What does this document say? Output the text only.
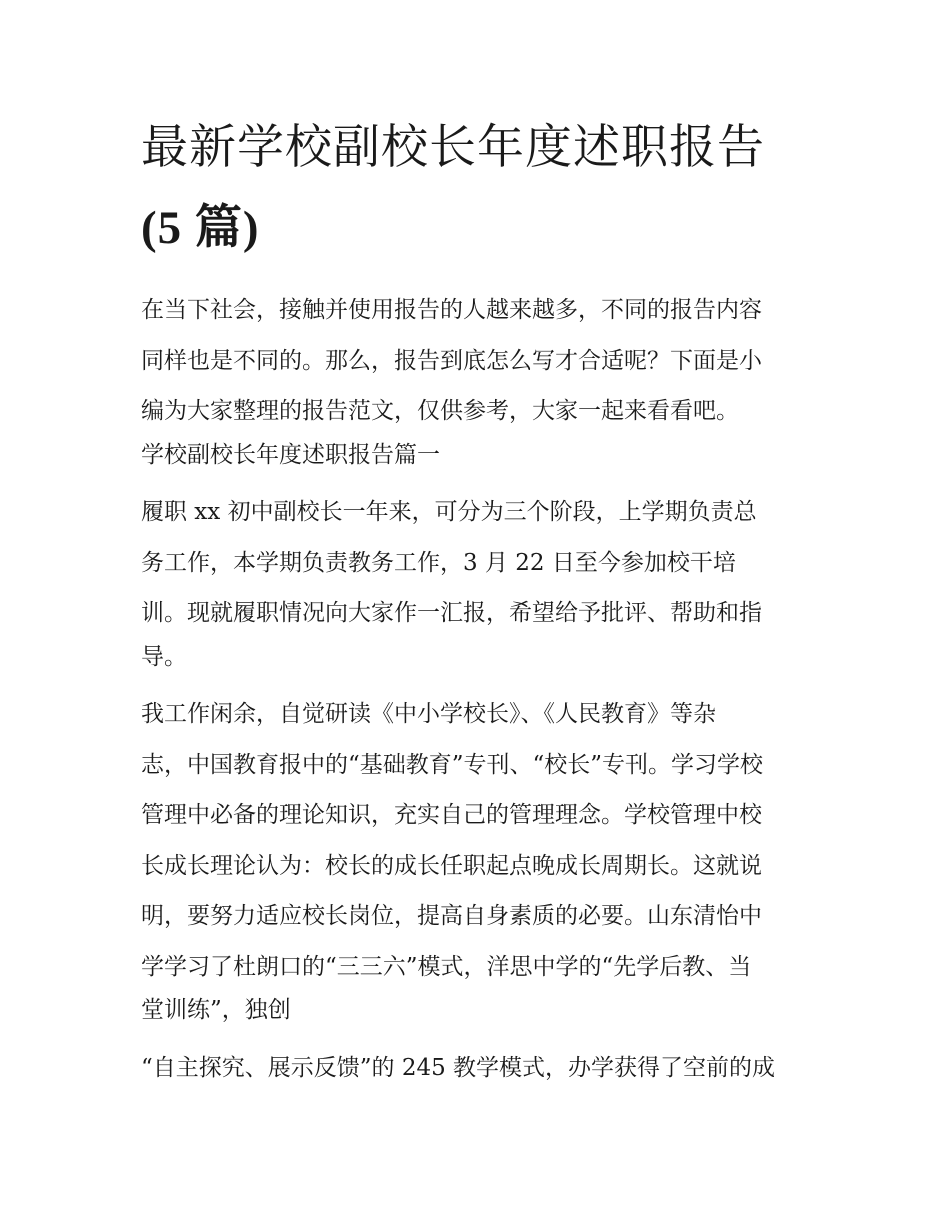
最新学校副校长年度述职报告
(5 篇)
在当下社会，接触并使用报告的人越来越多，不同的报告内容
同样也是不同的。那么，报告到底怎么写才合适呢？下面是小
编为大家整理的报告范文，仅供参考，大家一起来看看吧。
学校副校长年度述职报告篇一
履职 xx 初中副校长一年来，可分为三个阶段，上学期负责总
务工作，本学期负责教务工作，3 月 22 日至今参加校干培
训。现就履职情况向大家作一汇报，希望给予批评、帮助和指
导。
我工作闲余，自觉研读《中小学校长》、《人民教育》等杂
志，中国教育报中的“基础教育”专刊、“校长”专刊。学习学校
管理中必备的理论知识，充实自己的管理理念。学校管理中校
长成长理论认为：校长的成长任职起点晚成长周期长。这就说
明，要努力适应校长岗位，提高自身素质的必要。山东清怡中
学学习了杜朗口的“三三六”模式，洋思中学的“先学后教、当
堂训练”，独创
“自主探究、展示反馈”的 245 教学模式，办学获得了空前的成
